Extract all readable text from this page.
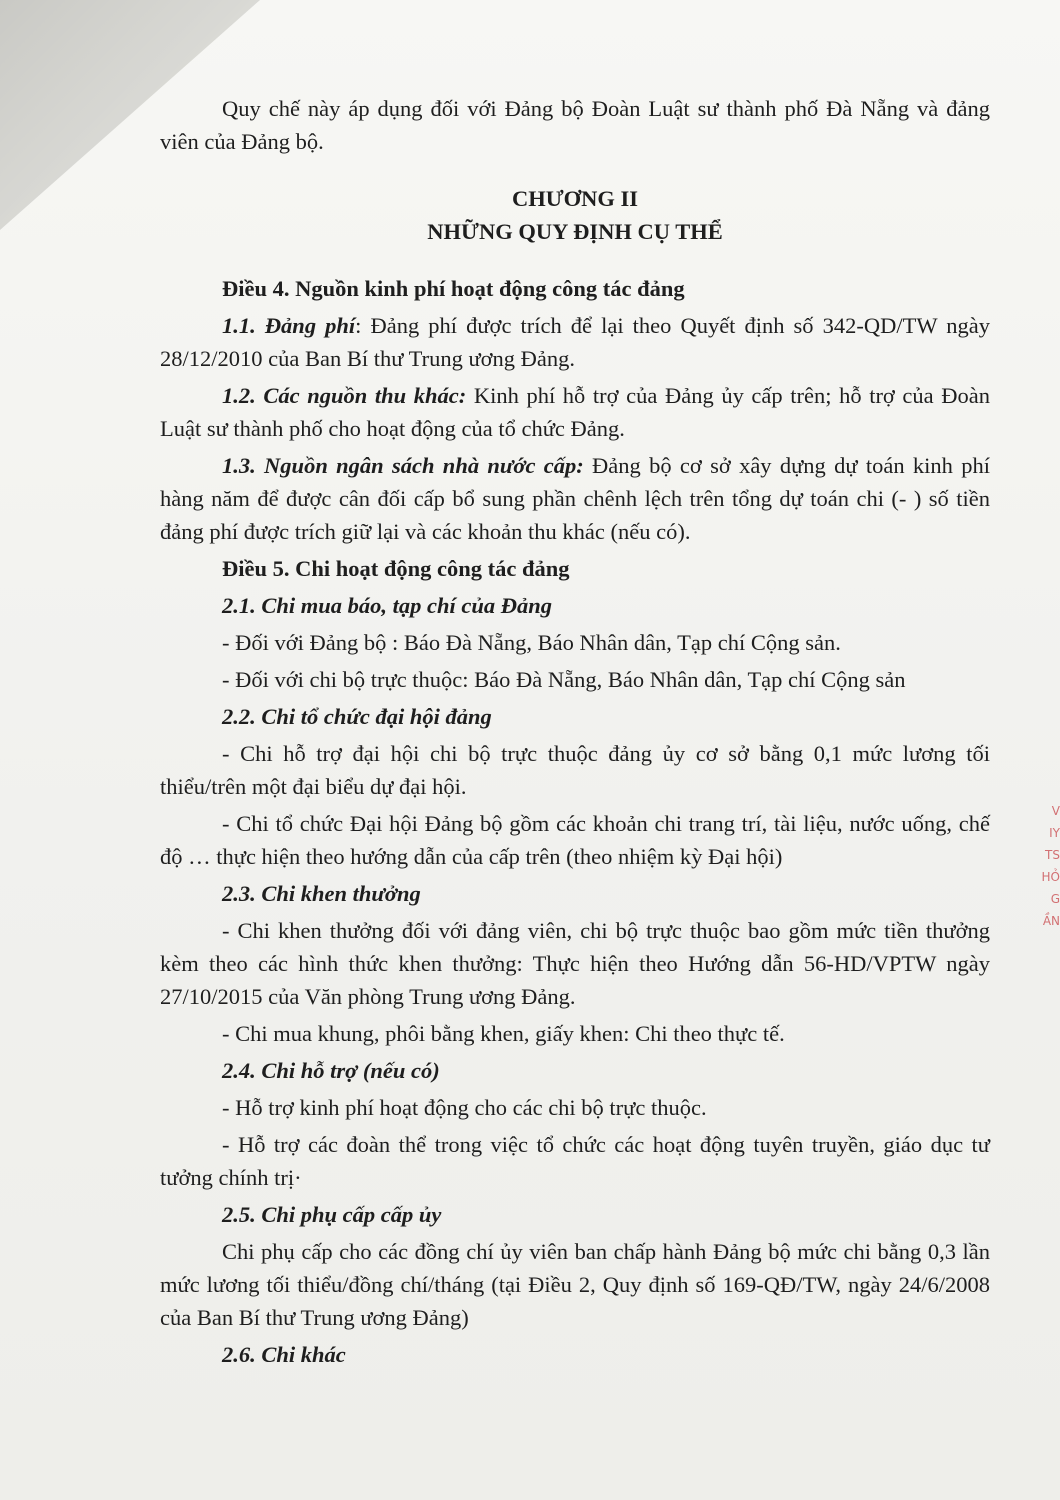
Quy chế này áp dụng đối với Đảng bộ Đoàn Luật sư thành phố Đà Nẵng và đảng viên của Đảng bộ.

CHƯƠNG II

NHỮNG QUY ĐỊNH CỤ THỂ

Điều 4. Nguồn kinh phí hoạt động công tác đảng

1.1. Đảng phí: Đảng phí được trích để lại theo Quyết định số 342-QD/TW ngày 28/12/2010 của Ban Bí thư Trung ương Đảng.

1.2. Các nguồn thu khác: Kinh phí hỗ trợ của Đảng ủy cấp trên; hỗ trợ của Đoàn Luật sư thành phố cho hoạt động của tổ chức Đảng.

1.3. Nguồn ngân sách nhà nước cấp: Đảng bộ cơ sở xây dựng dự toán kinh phí hàng năm để được cân đối cấp bổ sung phần chênh lệch trên tổng dự toán chi (- ) số tiền đảng phí được trích giữ lại và các khoản thu khác (nếu có).

Điều 5. Chi hoạt động công tác đảng

2.1. Chi mua báo, tạp chí của Đảng

- Đối với Đảng bộ : Báo Đà Nẵng, Báo Nhân dân, Tạp chí Cộng sản.

- Đối với chi bộ trực thuộc: Báo Đà Nẵng, Báo Nhân dân, Tạp chí Cộng sản

2.2. Chi tổ chức đại hội đảng

- Chi hỗ trợ đại hội chi bộ trực thuộc đảng ủy cơ sở bằng 0,1 mức lương tối thiểu/trên một đại biểu dự đại hội.

- Chi tổ chức Đại hội Đảng bộ gồm các khoản chi trang trí, tài liệu, nước uống, chế độ … thực hiện theo hướng dẫn của cấp trên (theo nhiệm kỳ Đại hội)

2.3. Chi khen thưởng

- Chi khen thưởng đối với đảng viên, chi bộ trực thuộc bao gồm mức tiền thưởng kèm theo các hình thức khen thưởng: Thực hiện theo Hướng dẫn 56-HD/VPTW ngày 27/10/2015 của Văn phòng Trung ương Đảng.

- Chi mua khung, phôi bằng khen, giấy khen: Chi theo thực tế.

2.4. Chi hỗ trợ (nếu có)

- Hỗ trợ kinh phí hoạt động cho các chi bộ trực thuộc.

- Hỗ trợ các đoàn thể trong việc tổ chức các hoạt động tuyên truyền, giáo dục tư tưởng chính trị·

2.5. Chi phụ cấp cấp ủy

Chi phụ cấp cho các đồng chí ủy viên ban chấp hành Đảng bộ mức chi bằng 0,3 lần mức lương tối thiểu/đồng chí/tháng (tại Điều 2, Quy định số 169-QĐ/TW, ngày 24/6/2008 của Ban Bí thư Trung ương Đảng)

2.6. Chi khác

V
IY
TS
HỎ
G
ẦN
